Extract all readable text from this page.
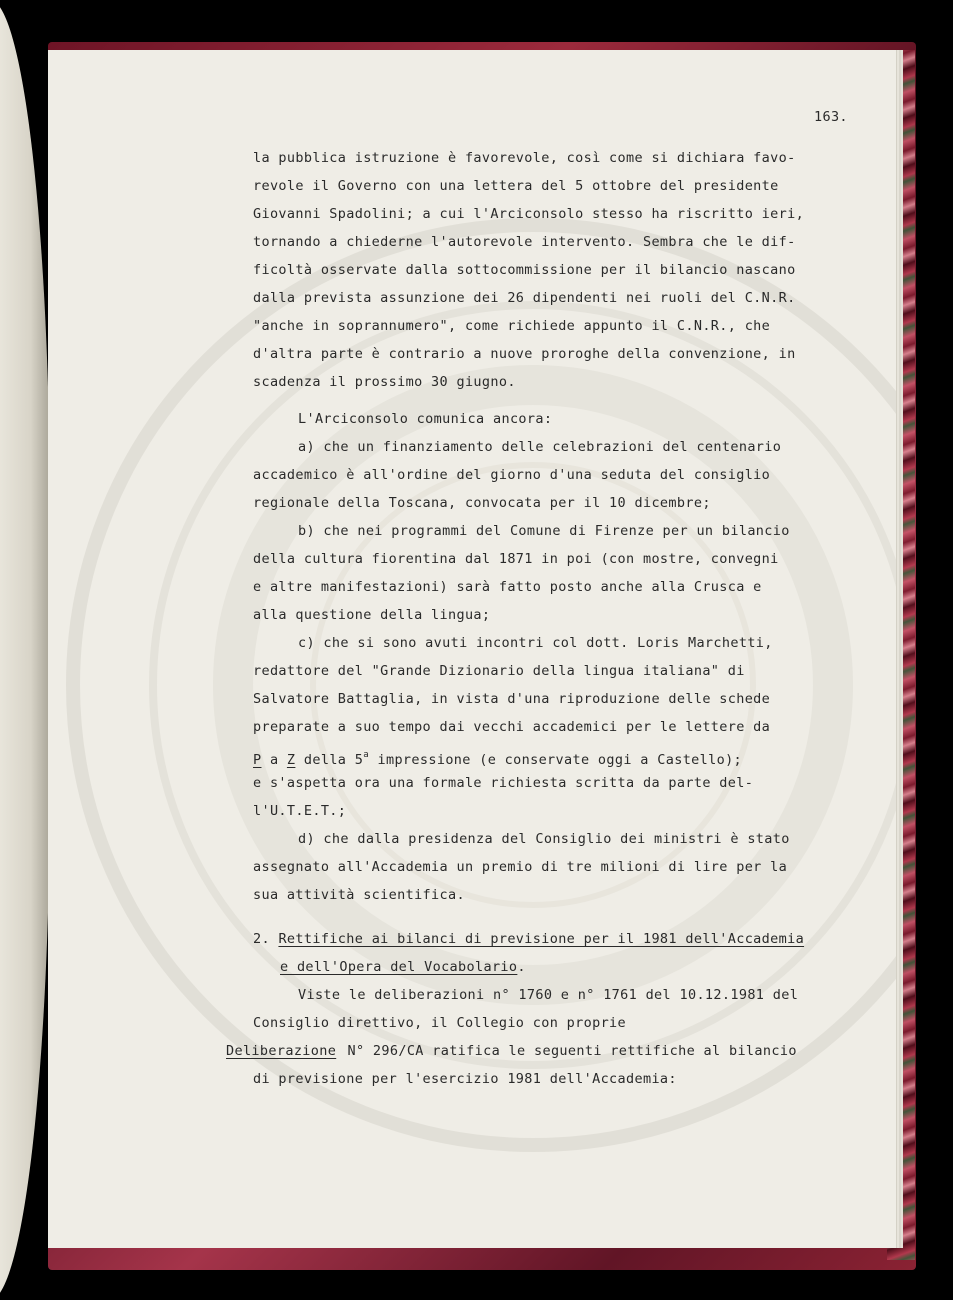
163.

la pubblica istruzione è favorevole, così come si dichiara favo-

revole il Governo con una lettera del 5 ottobre del presidente

Giovanni Spadolini; a cui l'Arciconsolo stesso ha riscritto ieri,

tornando a chiederne l'autorevole intervento. Sembra che le dif-

ficoltà osservate dalla sottocommissione per il bilancio nascano

dalla prevista assunzione dei 26 dipendenti nei ruoli del C.N.R.

"anche in soprannumero", come richiede appunto il C.N.R., che

d'altra parte è contrario a nuove proroghe della convenzione, in

scadenza il prossimo 30 giugno.

L'Arciconsolo comunica ancora:

a) che un finanziamento delle celebrazioni del centenario

accademico è all'ordine del giorno d'una seduta del consiglio

regionale della Toscana, convocata per il 10 dicembre;

b) che nei programmi del Comune di Firenze per un bilancio

della cultura fiorentina dal 1871 in poi (con mostre, convegni

e altre manifestazioni) sarà fatto posto anche alla Crusca e

alla questione della lingua;

c) che si sono avuti incontri col dott. Loris Marchetti,

redattore del "Grande Dizionario della lingua italiana" di

Salvatore Battaglia, in vista d'una riproduzione delle schede

preparate a suo tempo dai vecchi accademici per le lettere da

P a Z della 5$^a$ impressione (e conservate oggi a Castello);

e s'aspetta ora una formale richiesta scritta da parte del-

l'U.T.E.T.;

d) che dalla presidenza del Consiglio dei ministri è stato

assegnato all'Accademia un premio di tre milioni di lire per la

sua attività scientifica.

2. Rettifiche ai bilanci di previsione per il 1981 dell'Accademia

e dell'Opera del Vocabolario.

Viste le deliberazioni n° 1760 e n° 1761 del 10.12.1981 del

Consiglio direttivo, il Collegio con proprie

Deliberazione N° 296/CA ratifica le seguenti rettifiche al bilancio

di previsione per l'esercizio 1981 dell'Accademia:
